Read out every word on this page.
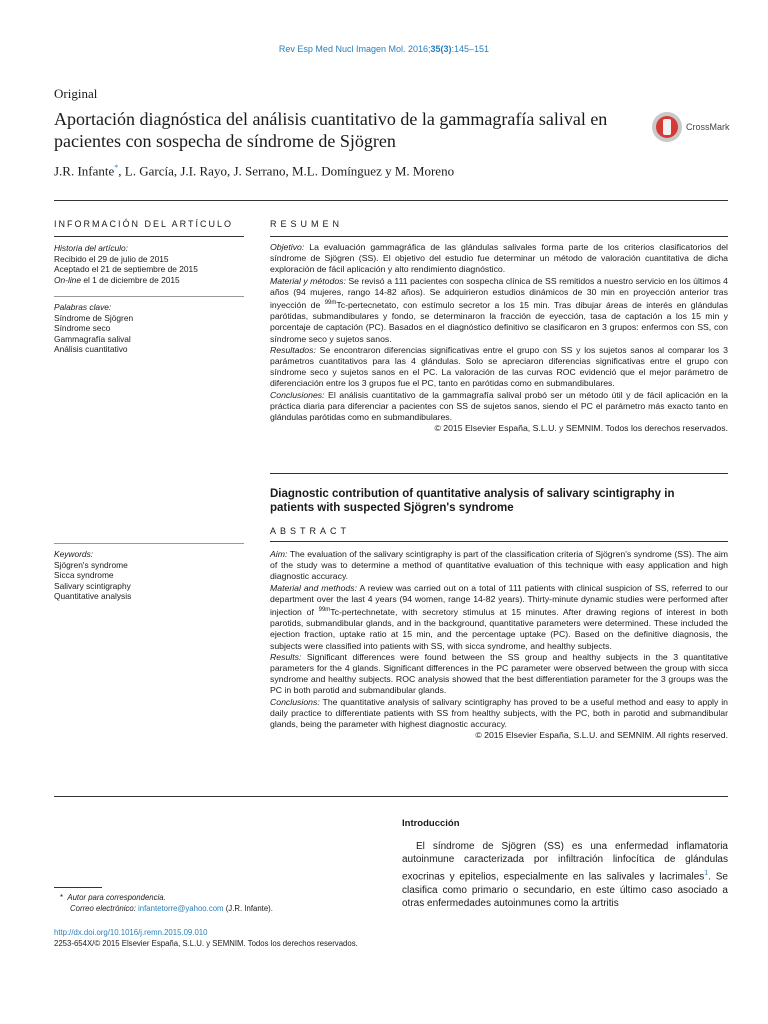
Rev Esp Med Nucl Imagen Mol. 2016;35(3):145–151
Original
Aportación diagnóstica del análisis cuantitativo de la gammagrafía salival en pacientes con sospecha de síndrome de Sjögren
CrossMark
J.R. Infante*, L. García, J.I. Rayo, J. Serrano, M.L. Domínguez y M. Moreno
INFORMACIÓN DEL ARTÍCULO
Historia del artículo:
Recibido el 29 de julio de 2015
Aceptado el 21 de septiembre de 2015
On-line el 1 de diciembre de 2015
Palabras clave:
Síndrome de Sjögren
Síndrome seco
Gammagrafía salival
Análisis cuantitativo
Keywords:
Sjögren's syndrome
Sicca syndrome
Salivary scintigraphy
Quantitative analysis
RESUMEN

Objetivo: La evaluación gammagráfica de las glándulas salivales forma parte de los criterios clasificatorios del síndrome de Sjögren (SS). El objetivo del estudio fue determinar un método de valoración cuantitativa de dicha exploración de fácil aplicación y alto rendimiento diagnóstico.

Material y métodos: Se revisó a 111 pacientes con sospecha clínica de SS remitidos a nuestro servicio en los últimos 4 años (94 mujeres, rango 14-82 años). Se adquirieron estudios dinámicos de 30 min en proyección anterior tras inyección de $^{99m}$Tc-pertecnetato, con estímulo secretor a los 15 min. Tras dibujar áreas de interés en glándulas parótidas, submandibulares y fondo, se determinaron la fracción de eyección, tasa de captación a los 15 min y porcentaje de captación (PC). Basados en el diagnóstico definitivo se clasificaron en 3 grupos: enfermos con SS, con síndrome seco y sujetos sanos.

Resultados: Se encontraron diferencias significativas entre el grupo con SS y los sujetos sanos al comparar los 3 parámetros cuantitativos para las 4 glándulas. Solo se apreciaron diferencias significativas entre el grupo con síndrome seco y sujetos sanos en el PC. La valoración de las curvas ROC evidenció que el mejor parámetro de diferenciación entre los 3 grupos fue el PC, tanto en parótidas como en submandibulares.

Conclusiones: El análisis cuantitativo de la gammagrafía salival probó ser un método útil y de fácil aplicación en la práctica diaria para diferenciar a pacientes con SS de sujetos sanos, siendo el PC el parámetro más exacto tanto en glándulas parótidas como en submandibulares.

© 2015 Elsevier España, S.L.U. y SEMNIM. Todos los derechos reservados.

Diagnostic contribution of quantitative analysis of salivary scintigraphy in patients with suspected Sjögren's syndrome
ABSTRACT

Aim: The evaluation of the salivary scintigraphy is part of the classification criteria of Sjögren's syndrome (SS). The aim of the study was to determine a method of quantitative evaluation of this technique with easy application and high diagnostic accuracy.

Material and methods: A review was carried out on a total of 111 patients with clinical suspicion of SS, referred to our department over the last 4 years (94 women, range 14-82 years). Thirty-minute dynamic studies were performed after injection of $^{99m}$Tc-pertechnetate, with secretory stimulus at 15 minutes. After drawing regions of interest in both parotids, submandibular glands, and in the background, quantitative parameters were determined. These included the ejection fraction, uptake ratio at 15 min, and the percentage uptake (PC). Based on the definitive diagnosis, the subjects were classified into patients with SS, with sicca syndrome, and healthy subjects.

Results: Significant differences were found between the SS group and healthy subjects in the 3 quantitative parameters for the 4 glands. Significant differences in the PC parameter were observed between the group with sicca syndrome and healthy subjects. ROC analysis showed that the best differentiation parameter for the 3 groups was the PC in both parotid and submandibular glands.

Conclusions: The quantitative analysis of salivary scintigraphy has proved to be a useful method and easy to apply in daily practice to differentiate patients with SS from healthy subjects, with the PC, both in parotid and submandibular glands, being the parameter with highest diagnostic accuracy.

© 2015 Elsevier España, S.L.U. and SEMNIM. All rights reserved.

Introducción
El síndrome de Sjögren (SS) es una enfermedad inflamatoria autoinmune caracterizada por infiltración linfocítica de glándulas exocrinas y epitelios, especialmente en las salivales y lacrimales$^1$. Se clasifica como primario o secundario, en este último caso asociado a otras enfermedades autoinmunes como la artritis
* Autor para correspondencia.
Correo electrónico: infantetorre@yahoo.com (J.R. Infante).
http://dx.doi.org/10.1016/j.remn.2015.09.010
2253-654X/© 2015 Elsevier España, S.L.U. y SEMNIM. Todos los derechos reservados.
